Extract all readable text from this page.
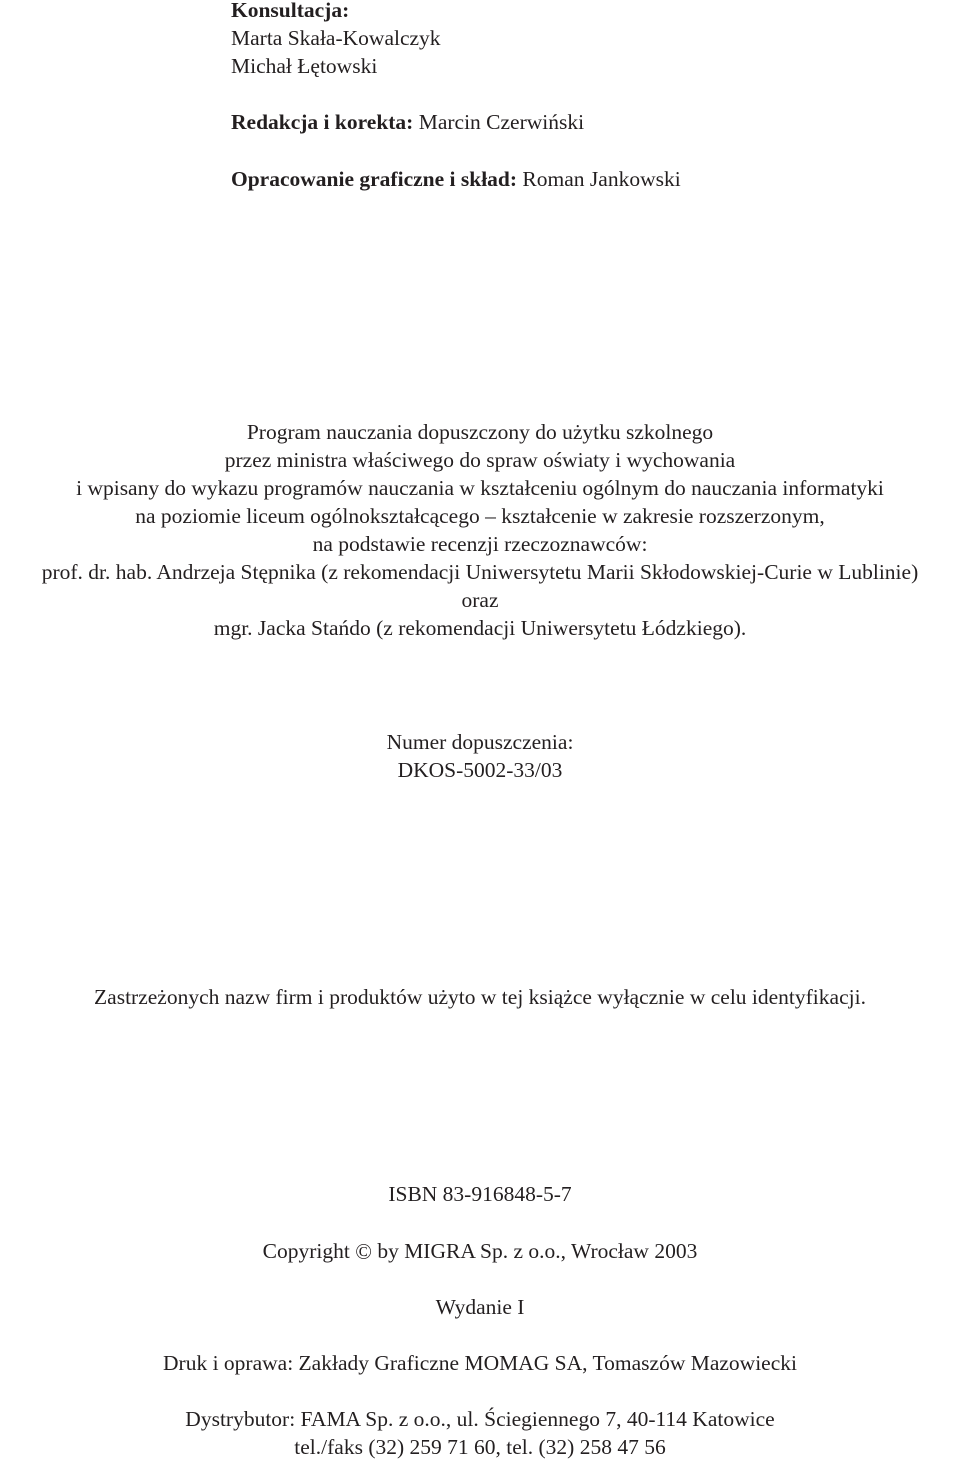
Konsultacja:
Marta Skała-Kowalczyk
Michał Łętowski
Redakcja i korekta: Marcin Czerwiński
Opracowanie graficzne i skład: Roman Jankowski
Program nauczania dopuszczony do użytku szkolnego
przez ministra właściwego do spraw oświaty i wychowania
i wpisany do wykazu programów nauczania w kształceniu ogólnym do nauczania informatyki
na poziomie liceum ogólnokształcącego – kształcenie w zakresie rozszerzonym,
na podstawie recenzji rzeczoznawców:
prof. dr. hab. Andrzeja Stępnika (z rekomendacji Uniwersytetu Marii Skłodowskiej-Curie w Lublinie)
oraz
mgr. Jacka Stańdo (z rekomendacji Uniwersytetu Łódzkiego).
Numer dopuszczenia:
DKOS-5002-33/03
Zastrzeżonych nazw firm i produktów użyto w tej książce wyłącznie w celu identyfikacji.
ISBN 83-916848-5-7
Copyright © by MIGRA Sp. z o.o., Wrocław 2003
Wydanie I
Druk i oprawa: Zakłady Graficzne MOMAG SA, Tomaszów Mazowiecki
Dystrybutor: FAMA Sp. z o.o., ul. Ściegiennego 7, 40-114 Katowice
tel./faks (32) 259 71 60, tel. (32) 258 47 56
